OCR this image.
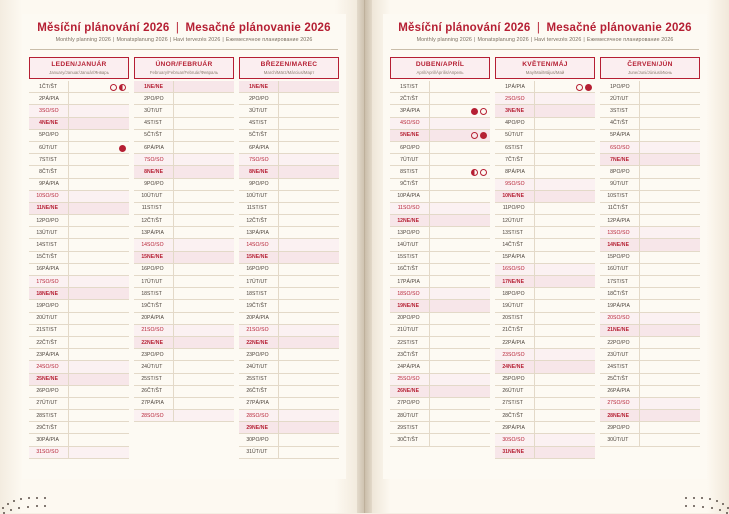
Měsíční plánování 2026 | Mesačné plánovanie 2026
Monthly planning 2026 | Monatsplanung 2026 | Havi tervezés 2026 | Ежемесячное планирование 2026
LEDEN/JANUÁR
January/Januar/Január/Январь
1	ČT/ŠT	

2	PÁ/PIA	
3	SO/SO	
4	NE/NE	
5	PO/PO	
6	ÚT/UT	

7	ST/ST	
8	ČT/ŠT	
9	PÁ/PIA	
10	SO/SO	
11	NE/NE	
12	PO/PO	
13	ÚT/UT	
14	ST/ST	
15	ČT/ŠT	
16	PÁ/PIA	
17	SO/SO	
18	NE/NE	
19	PO/PO	
20	ÚT/UT	
21	ST/ST	
22	ČT/ŠT	
23	PÁ/PIA	
24	SO/SO	
25	NE/NE	
26	PO/PO	
27	ÚT/UT	
28	ST/ST	
29	ČT/ŠT	
30	PÁ/PIA	
31	SO/SO	
ÚNOR/FEBRUÁR
February/Februar/Február/Февраль
1	NE/NE	
2	PO/PO	
3	ÚT/UT	
4	ST/ST	
5	ČT/ŠT	
6	PÁ/PIA	
7	SO/SO	
8	NE/NE	
9	PO/PO	
10	ÚT/UT	
11	ST/ST	
12	ČT/ŠT	
13	PÁ/PIA	
14	SO/SO	
15	NE/NE	
16	PO/PO	
17	ÚT/UT	
18	ST/ST	
19	ČT/ŠT	
20	PÁ/PIA	
21	SO/SO	
22	NE/NE	
23	PO/PO	
24	ÚT/UT	
25	ST/ST	
26	ČT/ŠT	
27	PÁ/PIA	
28	SO/SO	
BŘEZEN/MAREC
March/März/Március/Март
1	NE/NE	
2	PO/PO	
3	ÚT/UT	
4	ST/ST	
5	ČT/ŠT	
6	PÁ/PIA	
7	SO/SO	
8	NE/NE	
9	PO/PO	
10	ÚT/UT	
11	ST/ST	
12	ČT/ŠT	
13	PÁ/PIA	
14	SO/SO	
15	NE/NE	
16	PO/PO	
17	ÚT/UT	
18	ST/ST	
19	ČT/ŠT	
20	PÁ/PIA	
21	SO/SO	
22	NE/NE	
23	PO/PO	
24	ÚT/UT	
25	ST/ST	
26	ČT/ŠT	
27	PÁ/PIA	
28	SO/SO	
29	NE/NE	
30	PO/PO	
31	ÚT/UT	
Měsíční plánování 2026 | Mesačné plánovanie 2026
Monthly planning 2026 | Monatsplanung 2026 | Havi tervezés 2026 | Ежемесячное планирование 2026
DUBEN/APRÍL
April/April/Április/Апрель
1	ST/ST	
2	ČT/ŠT	
3	PÁ/PIA	

4	SO/SO	
5	NE/NE	

6	PO/PO	
7	ÚT/UT	
8	ST/ST	

9	ČT/ŠT	
10	PÁ/PIA	
11	SO/SO	
12	NE/NE	
13	PO/PO	
14	ÚT/UT	
15	ST/ST	
16	ČT/ŠT	
17	PÁ/PIA	
18	SO/SO	
19	NE/NE	
20	PO/PO	
21	ÚT/UT	
22	ST/ST	
23	ČT/ŠT	
24	PÁ/PIA	
25	SO/SO	
26	NE/NE	
27	PO/PO	
28	ÚT/UT	
29	ST/ST	
30	ČT/ŠT	
KVĚTEN/MÁJ
May/Mai/Május/Май
1	PÁ/PIA	

2	SO/SO	
3	NE/NE	
4	PO/PO	
5	ÚT/UT	
6	ST/ST	
7	ČT/ŠT	
8	PÁ/PIA	
9	SO/SO	
10	NE/NE	
11	PO/PO	
12	ÚT/UT	
13	ST/ST	
14	ČT/ŠT	
15	PÁ/PIA	
16	SO/SO	
17	NE/NE	
18	PO/PO	
19	ÚT/UT	
20	ST/ST	
21	ČT/ŠT	
22	PÁ/PIA	
23	SO/SO	
24	NE/NE	
25	PO/PO	
26	ÚT/UT	
27	ST/ST	
28	ČT/ŠT	
29	PÁ/PIA	
30	SO/SO	
31	NE/NE	
ČERVEN/JÚN
June/Juni/Június/Июнь
1	PO/PO	
2	ÚT/UT	
3	ST/ST	
4	ČT/ŠT	
5	PÁ/PIA	
6	SO/SO	
7	NE/NE	
8	PO/PO	
9	ÚT/UT	
10	ST/ST	
11	ČT/ŠT	
12	PÁ/PIA	
13	SO/SO	
14	NE/NE	
15	PO/PO	
16	ÚT/UT	
17	ST/ST	
18	ČT/ŠT	
19	PÁ/PIA	
20	SO/SO	
21	NE/NE	
22	PO/PO	
23	ÚT/UT	
24	ST/ST	
25	ČT/ŠT	
26	PÁ/PIA	
27	SO/SO	
28	NE/NE	
29	PO/PO	
30	ÚT/UT	
